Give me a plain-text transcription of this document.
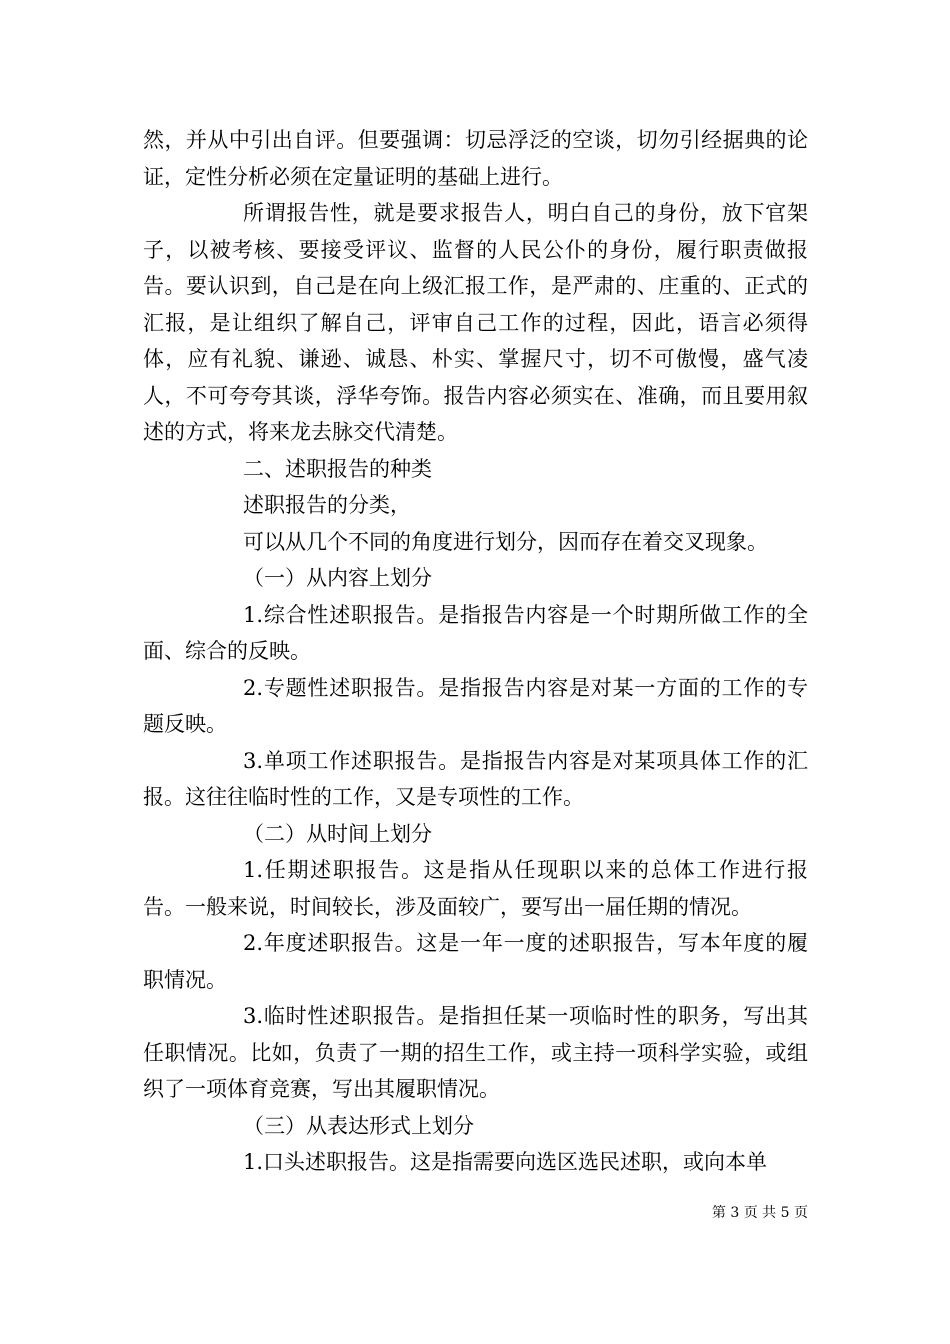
然，并从中引出自评。但要强调：切忌浮泛的空谈，切勿引经据典的论证，定性分析必须在定量证明的基础上进行。

所谓报告性，就是要求报告人，明白自己的身份，放下官架子，以被考核、要接受评议、监督的人民公仆的身份，履行职责做报告。要认识到，自己是在向上级汇报工作，是严肃的、庄重的、正式的汇报，是让组织了解自己，评审自己工作的过程，因此，语言必须得体，应有礼貌、谦逊、诚恳、朴实、掌握尺寸，切不可傲慢，盛气凌人，不可夸夸其谈，浮华夸饰。报告内容必须实在、准确，而且要用叙述的方式，将来龙去脉交代清楚。

二、述职报告的种类

述职报告的分类，

可以从几个不同的角度进行划分，因而存在着交叉现象。

（一）从内容上划分

1.综合性述职报告。是指报告内容是一个时期所做工作的全面、综合的反映。

2.专题性述职报告。是指报告内容是对某一方面的工作的专题反映。

3.单项工作述职报告。是指报告内容是对某项具体工作的汇报。这往往临时性的工作，又是专项性的工作。

（二）从时间上划分

1.任期述职报告。这是指从任现职以来的总体工作进行报告。一般来说，时间较长，涉及面较广，要写出一届任期的情况。

2.年度述职报告。这是一年一度的述职报告，写本年度的履职情况。

3.临时性述职报告。是指担任某一项临时性的职务，写出其任职情况。比如，负责了一期的招生工作，或主持一项科学实验，或组织了一项体育竞赛，写出其履职情况。

（三）从表达形式上划分

1.口头述职报告。这是指需要向选区选民述职，或向本单

第 3 页 共 5 页
